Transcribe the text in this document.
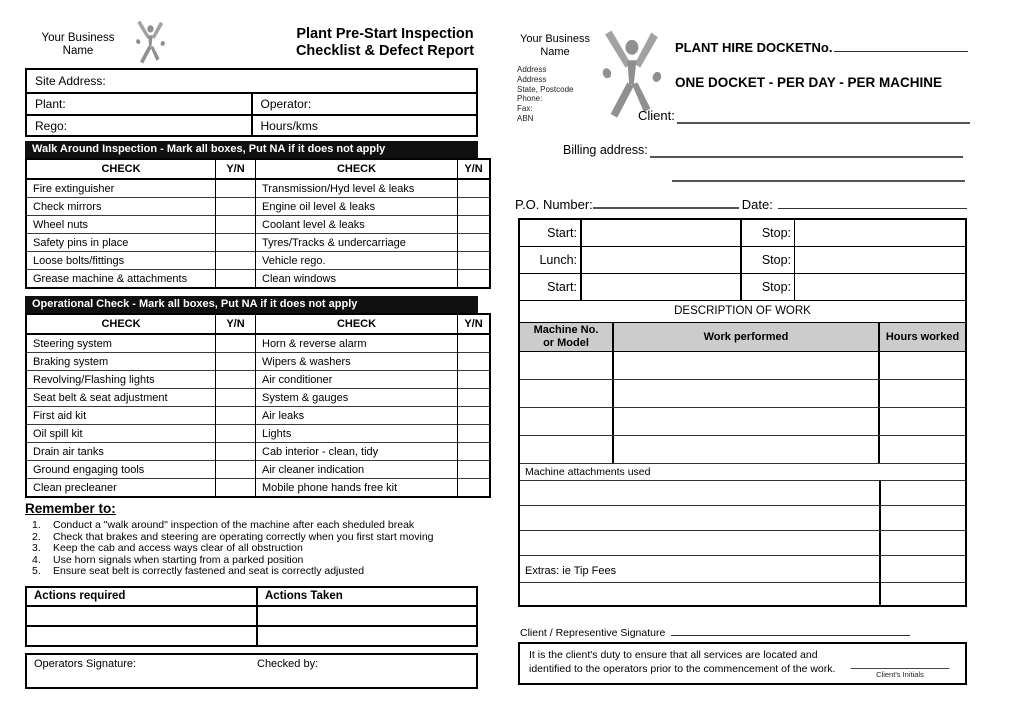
Your Business
Name
Plant Pre-Start Inspection
Checklist & Defect Report
Site Address:	
Plant:	Operator:
Rego:	Hours/kms
Walk Around Inspection - Mark all boxes, Put NA if it does not apply
CHECK	Y/N	CHECK	Y/N
Fire extinguisher		Transmission/Hyd level & leaks	
Check mirrors		Engine oil level & leaks	
Wheel nuts		Coolant level & leaks	
Safety pins in place		Tyres/Tracks & undercarriage	
Loose bolts/fittings		Vehicle rego.	
Grease machine & attachments		Clean windows	
Operational Check - Mark all boxes, Put NA if it does not apply
CHECK	Y/N	CHECK	Y/N
Steering system		Horn & reverse alarm	
Braking system		Wipers & washers	
Revolving/Flashing lights		Air conditioner	
Seat belt & seat adjustment		System & gauges	
First aid kit		Air leaks	
Oil spill kit		Lights	
Drain air tanks		Cab interior - clean, tidy	
Ground engaging tools		Air cleaner indication	
Clean precleaner		Mobile phone hands free kit	
Remember to:
1.	Conduct a "walk around" inspection of the machine after each sheduled break
2.	Check that brakes and steering are operating correctly when you first start moving
3.	Keep the cab and access ways clear of all obstruction
4.	Use horn signals when starting from a parked position
5.	Ensure seat belt is correctly fastened and seat is correctly adjusted
Actions required	Actions Taken

Operators Signature:	Checked by:
Your Business
Name
Address
Address
State, Postcode
Phone:
Fax:
ABN
PLANT HIRE DOCKET No.
ONE DOCKET - PER DAY - PER MACHINE
Client:
Billing address:
P.O. Number:	Date:
Start:	Stop:
Lunch:	Stop:
Start:	Stop:
DESCRIPTION OF WORK
Machine No.
or Model
Work performed	Hours worked
Machine attachments used
Extras: ie Tip Fees
Client / Representive Signature
It is the client's duty to ensure that all services are located and
identified to the operators prior to the commencement of the work.	Client's Initials
